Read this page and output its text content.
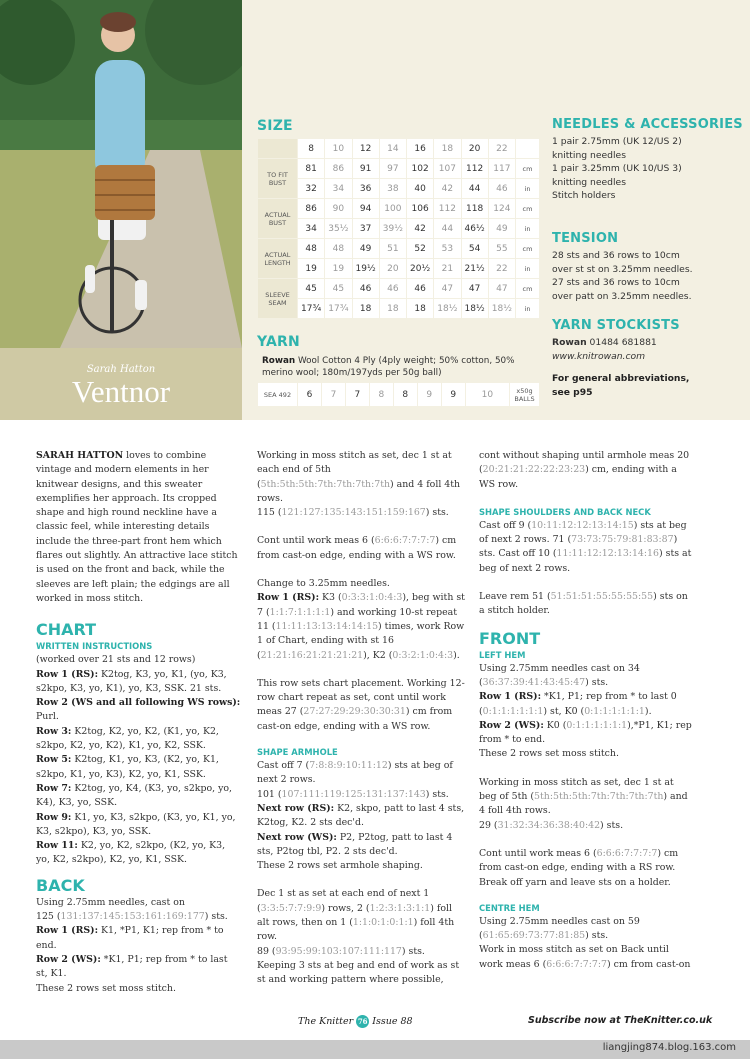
Sarah Hatton
Ventnor
SIZE
	8	10	12	14	16	18	20	22	
TO FIT BUST	81	86	91	97	102	107	112	117	cm
	32	34	36	38	40	42	44	46	in
ACTUAL BUST	86	90	94	100	106	112	118	124	cm
	34	35½	37	39½	42	44	46½	49	in
ACTUAL LENGTH	48	48	49	51	52	53	54	55	cm
	19	19	19½	20	20½	21	21½	22	in
SLEEVE SEAM	45	45	46	46	46	47	47	47	cm
	17¾	17¾	18	18	18	18½	18½	18½	in
YARN
Rowan Wool Cotton 4 Ply (4ply weight; 50% cotton, 50% merino wool; 180m/197yds per 50g ball)
SEA 492	6	7	7	8	8	9	9	10	x50g BALLS
NEEDLES & ACCESSORIES
1 pair 2.75mm (UK 12/US 2)
knitting needles
1 pair 3.25mm (UK 10/US 3)
knitting needles
Stitch holders
TENSION
28 sts and 36 rows to 10cm
over st st on 3.25mm needles.
27 sts and 36 rows to 10cm
over patt on 3.25mm needles.
YARN STOCKISTS
Rowan 01484 681881
www.knitrowan.com
For general abbreviations, see p95

SARAH HATTON loves to combine vintage and modern elements in her knitwear designs, and this sweater exemplifies her approach. Its cropped shape and high round neckline have a classic feel, while interesting details include the three-part front hem which flares out slightly. An attractive lace stitch is used on the front and back, while the sleeves are left plain; the edgings are all worked in moss stitch.

CHART
WRITTEN INSTRUCTIONS
(worked over 21 sts and 12 rows)
Row 1 (RS): K2tog, K3, yo, K1, (yo, K3, s2kpo, K3, yo, K1), yo, K3, SSK. 21 sts.
Row 2 (WS and all following WS rows): Purl.
Row 3: K2tog, K2, yo, K2, (K1, yo, K2, s2kpo, K2, yo, K2), K1, yo, K2, SSK.
Row 5: K2tog, K1, yo, K3, (K2, yo, K1, s2kpo, K1, yo, K3), K2, yo, K1, SSK.
Row 7: K2tog, yo, K4, (K3, yo, s2kpo, yo, K4), K3, yo, SSK.
Row 9: K1, yo, K3, s2kpo, (K3, yo, K1, yo, K3, s2kpo), K3, yo, SSK.
Row 11: K2, yo, K2, s2kpo, (K2, yo, K3, yo, K2, s2kpo), K2, yo, K1, SSK.
BACK
Using 2.75mm needles, cast on
125 (131:137:145:153:161:169:177) sts.
Row 1 (RS): K1, *P1, K1; rep from * to end.
Row 2 (WS): *K1, P1; rep from * to last st, K1.
These 2 rows set moss stitch.

Working in moss stitch as set, dec 1 st at each end of 5th (5th:5th:5th:7th:7th:7th:7th) and 4 foll 4th rows.
115 (121:127:135:143:151:159:167) sts.

Cont until work meas 6 (6:6:6:7:7:7:7) cm from cast-on edge, ending with a WS row.

Change to 3.25mm needles.
Row 1 (RS): K3 (0:3:3:1:0:4:3), beg with st 7 (1:1:7:1:1:1:1) and working 10-st repeat 11 (11:11:13:13:14:14:15) times, work Row 1 of Chart, ending with st 16 (21:21:16:21:21:21:21), K2 (0:3:2:1:0:4:3).

This row sets chart placement. Working 12-row chart repeat as set, cont until work meas 27 (27:27:29:29:30:30:31) cm from cast-on edge, ending with a WS row.

SHAPE ARMHOLE

Cast off 7 (7:8:8:9:10:11:12) sts at beg of next 2 rows.
101 (107:111:119:125:131:137:143) sts.
Next row (RS): K2, skpo, patt to last 4 sts, K2tog, K2. 2 sts dec'd.
Next row (WS): P2, P2tog, patt to last 4 sts, P2tog tbl, P2. 2 sts dec'd.
These 2 rows set armhole shaping.

Dec 1 st as set at each end of next 1 (3:3:5:7:7:9:9) rows, 2 (1:2:3:1:3:1:1) foll alt rows, then on 1 (1:1:0:1:0:1:1) foll 4th row.
89 (93:95:99:103:107:111:117) sts.
Keeping 3 sts at beg and end of work as st st and working pattern where possible,

cont without shaping until armhole meas 20 (20:21:21:22:22:23:23) cm, ending with a WS row.

SHAPE SHOULDERS AND BACK NECK

Cast off 9 (10:11:12:12:13:14:15) sts at beg of next 2 rows. 71 (73:73:75:79:81:83:87) sts. Cast off 10 (11:11:12:12:13:14:16) sts at beg of next 2 rows.

Leave rem 51 (51:51:51:55:55:55:55) sts on a stitch holder.

FRONT
LEFT HEM

Using 2.75mm needles cast on 34 (36:37:39:41:43:45:47) sts.
Row 1 (RS): *K1, P1; rep from * to last 0 (0:1:1:1:1:1:1) st, K0 (0:1:1:1:1:1:1).
Row 2 (WS): K0 (0:1:1:1:1:1:1),*P1, K1; rep from * to end.
These 2 rows set moss stitch.

Working in moss stitch as set, dec 1 st at beg of 5th (5th:5th:5th:7th:7th:7th:7th) and 4 foll 4th rows.
29 (31:32:34:36:38:40:42) sts.

Cont until work meas 6 (6:6:6:7:7:7:7) cm from cast-on edge, ending with a RS row. Break off yarn and leave sts on a holder.

CENTRE HEM

Using 2.75mm needles cast on 59 (61:65:69:73:77:81:85) sts.
Work in moss stitch as set on Back until work meas 6 (6:6:6:7:7:7:7) cm from cast-on

The Knitter 76 Issue 88	Subscribe now at TheKnitter.co.uk
liangjing874.blog.163.com
